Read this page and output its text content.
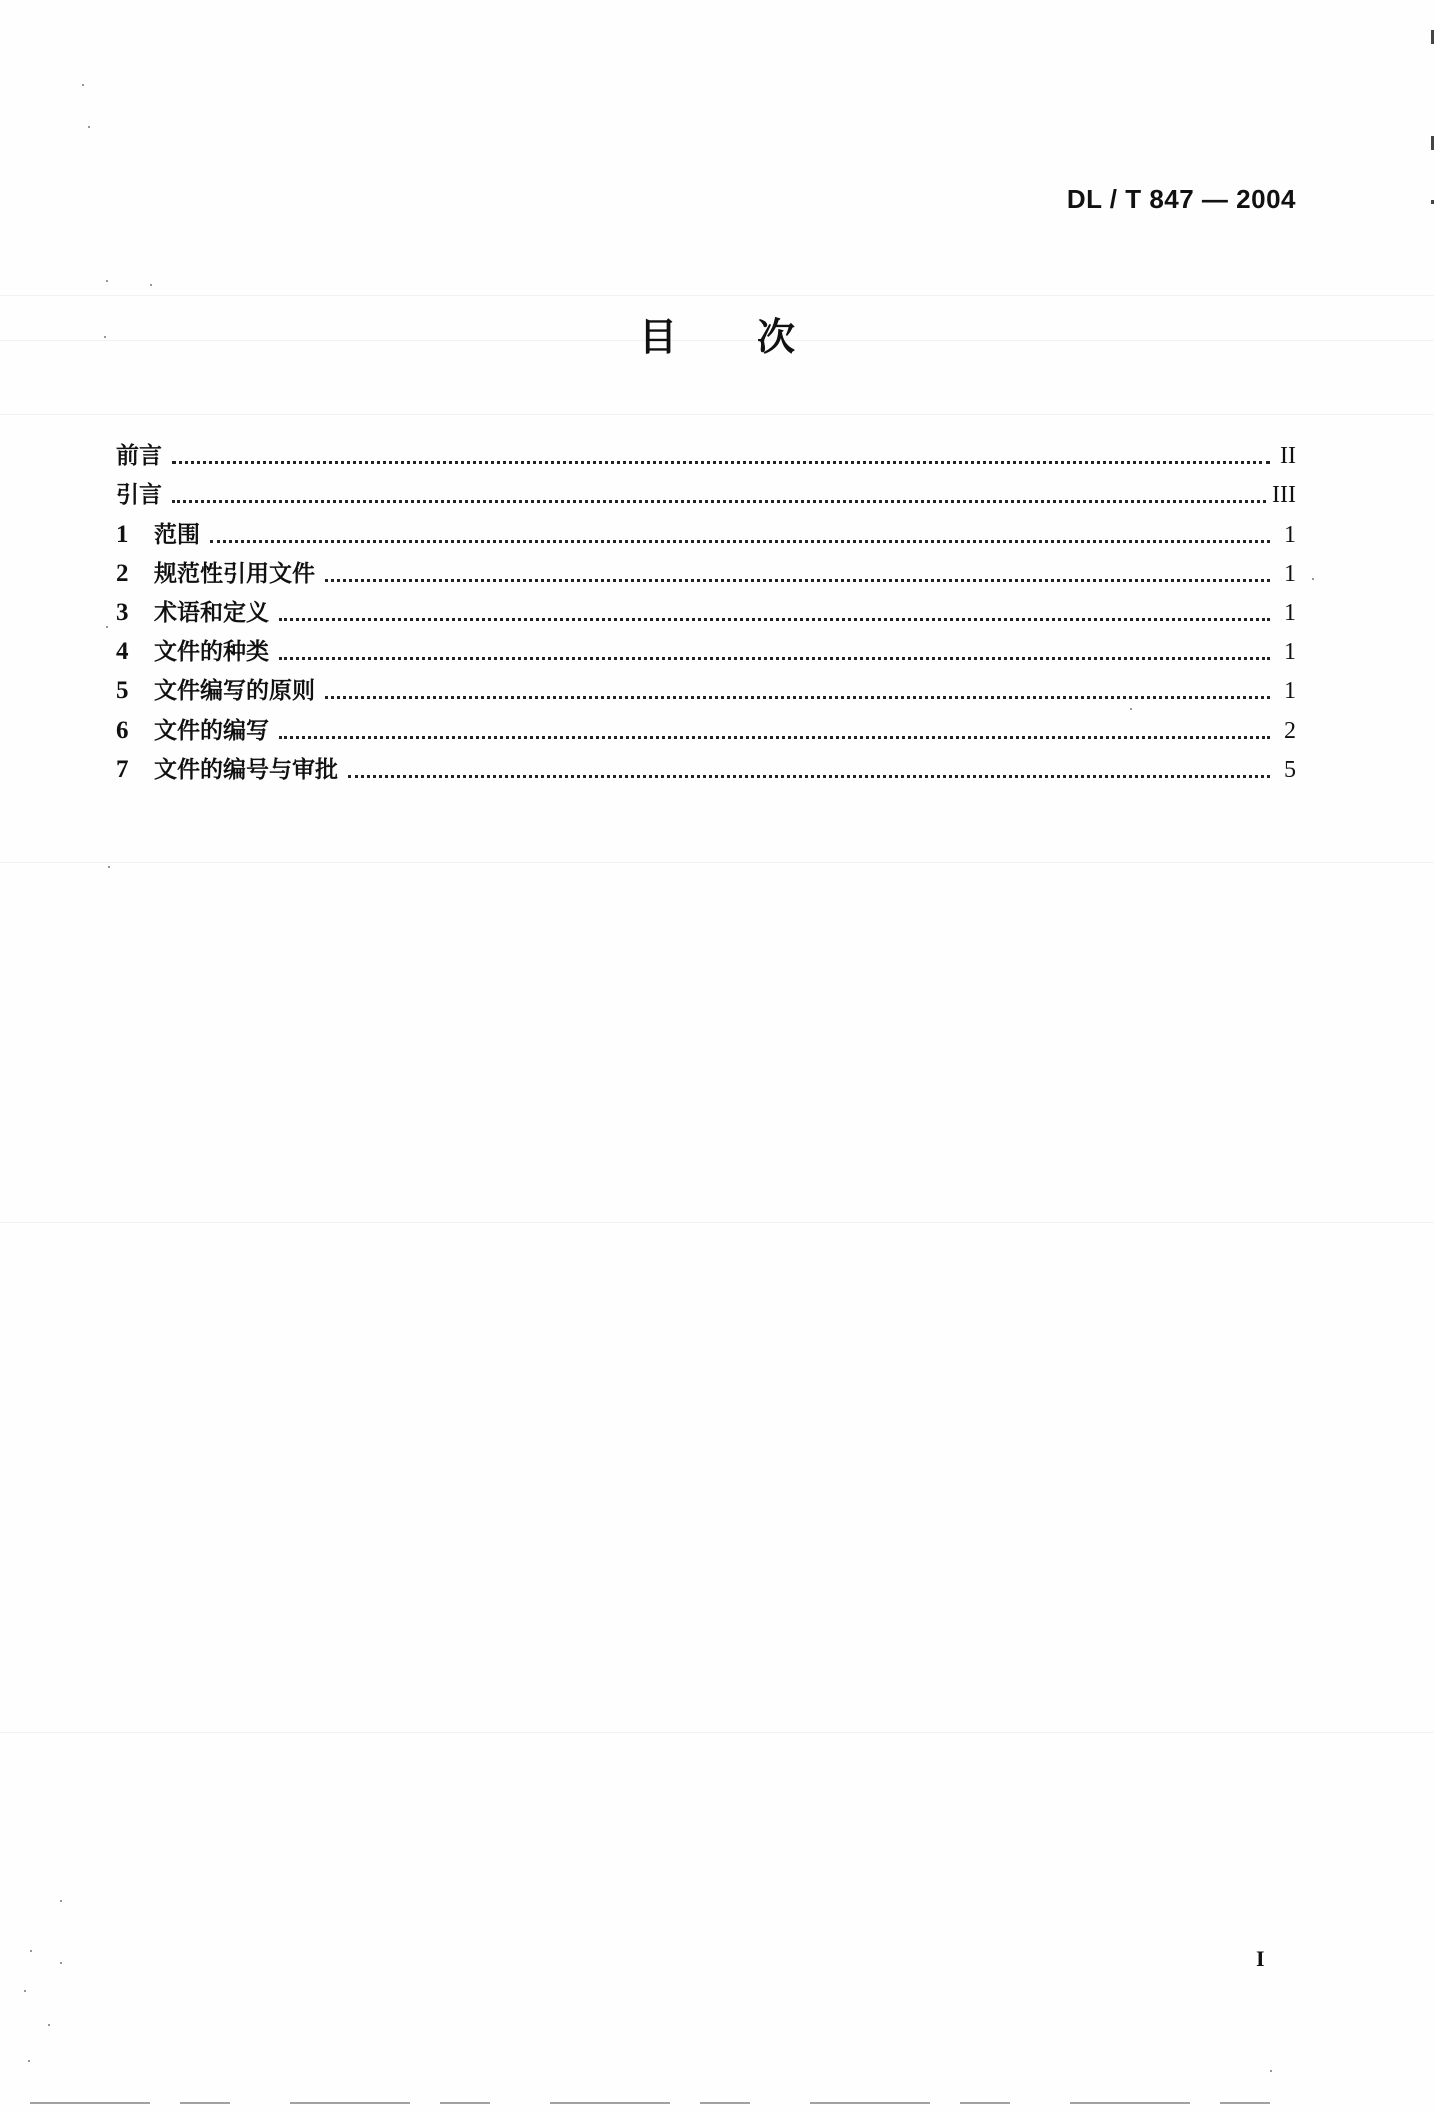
DL / T 847 — 2004
目次
前言	II
引言	III
1	范围	1
2	规范性引用文件	1
3	术语和定义	1
4	文件的种类	1
5	文件编写的原则	1
6	文件的编写	2
7	文件的编号与审批	5
I
